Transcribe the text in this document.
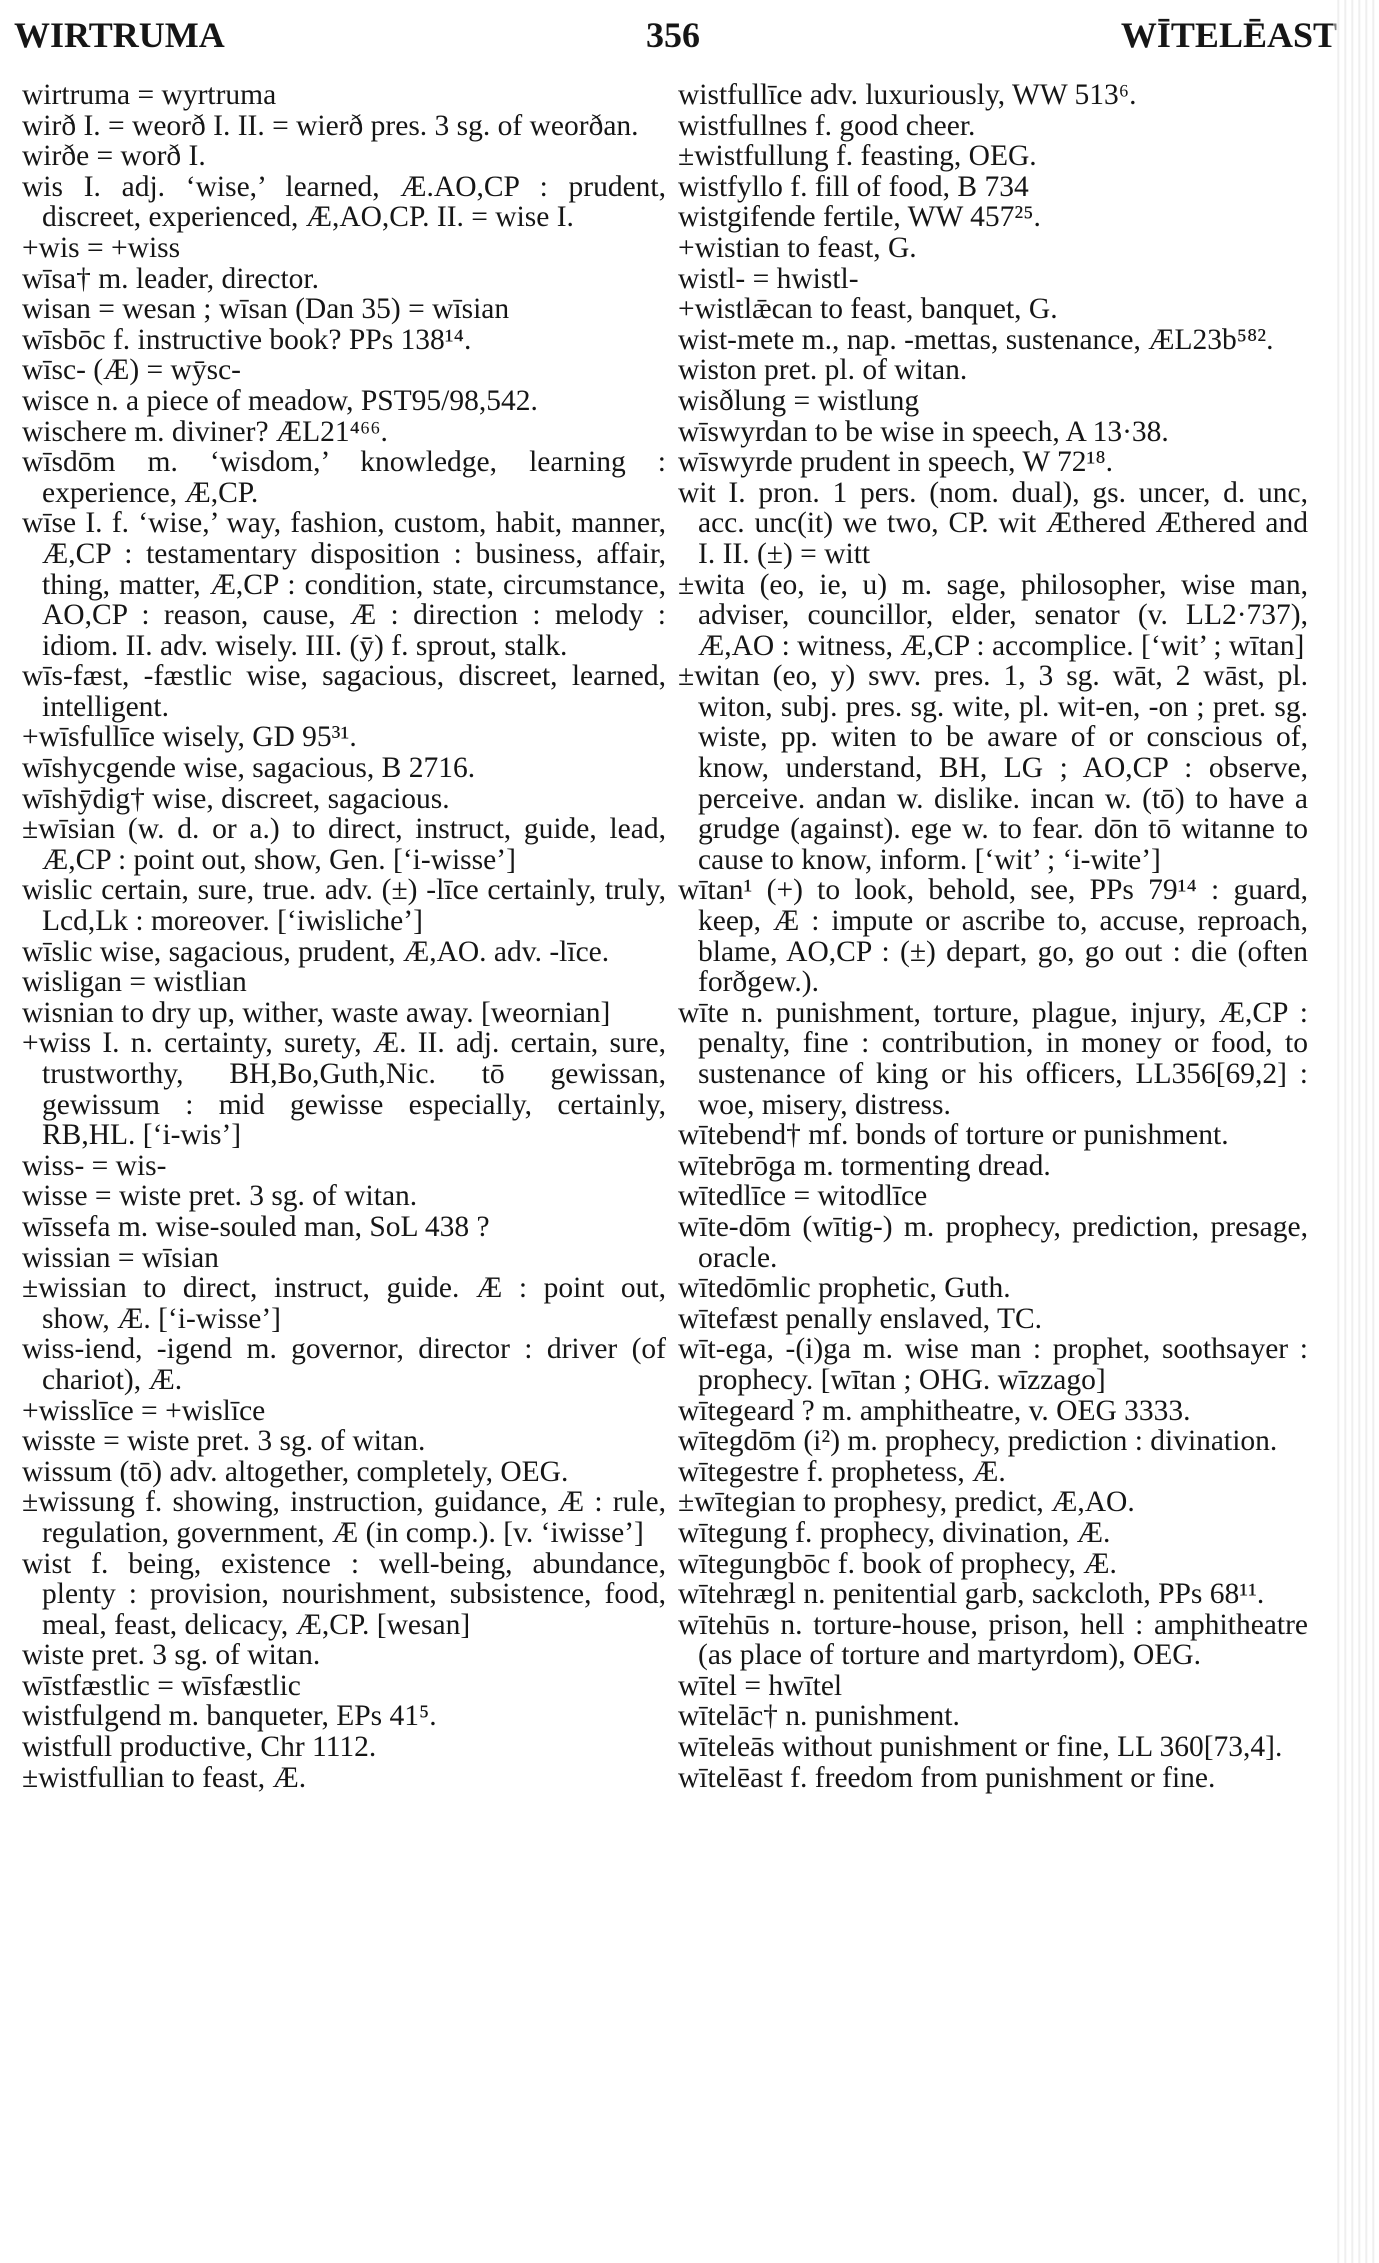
WIRTRUMA	356	WĪTELĒAST
wirtruma = wyrtruma
wirð I. = weorð I. II. = wierð pres. 3 sg. of weorðan.
wirðe = worð I.
wis I. adj. ‘wise,’ learned, Æ.AO,CP : prudent, discreet, experienced, Æ,AO,CP. II. = wise I.
+wis = +wiss
wīsa† m. leader, director.
wisan = wesan ; wīsan (Dan 35) = wīsian
wīsbōc f. instructive book? PPs 138¹⁴.
wīsc- (Æ) = wȳsc-
wisce n. a piece of meadow, PST95/98,542.
wischere m. diviner? ÆL21⁴⁶⁶.
wīsdōm m. ‘wisdom,’ knowledge, learning : experience, Æ,CP.
wīse I. f. ‘wise,’ way, fashion, custom, habit, manner, Æ,CP : testamentary disposition : business, affair, thing, matter, Æ,CP : condition, state, circumstance, AO,CP : reason, cause, Æ : direction : melody : idiom. II. adv. wisely. III. (ȳ) f. sprout, stalk.
wīs-fæst, -fæstlic wise, sagacious, discreet, learned, intelligent.
+wīsfullīce wisely, GD 95³¹.
wīshycgende wise, sagacious, B 2716.
wīshȳdig† wise, discreet, sagacious.
±wīsian (w. d. or a.) to direct, instruct, guide, lead, Æ,CP : point out, show, Gen. [‘i-wisse’]
wislic certain, sure, true. adv. (±) -līce certainly, truly, Lcd,Lk : moreover. [‘iwisliche’]
wīslic wise, sagacious, prudent, Æ,AO. adv. -līce.
wisligan = wistlian
wisnian to dry up, wither, waste away. [weornian]
+wiss I. n. certainty, surety, Æ. II. adj. certain, sure, trustworthy, BH,Bo,Guth,Nic. tō gewissan, gewissum : mid gewisse especially, certainly, RB,HL. [‘i-wis’]
wiss- = wis-
wisse = wiste pret. 3 sg. of witan.
wīssefa m. wise-souled man, SoL 438 ?
wissian = wīsian
±wissian to direct, instruct, guide. Æ : point out, show, Æ. [‘i-wisse’]
wiss-iend, -igend m. governor, director : driver (of chariot), Æ.
+wisslīce = +wislīce
wisste = wiste pret. 3 sg. of witan.
wissum (tō) adv. altogether, completely, OEG.
±wissung f. showing, instruction, guidance, Æ : rule, regulation, government, Æ (in comp.). [v. ‘iwisse’]
wist f. being, existence : well-being, abundance, plenty : provision, nourishment, subsistence, food, meal, feast, delicacy, Æ,CP. [wesan]
wiste pret. 3 sg. of witan.
wīstfæstlic = wīsfæstlic
wistfulgend m. banqueter, EPs 41⁵.
wistfull productive, Chr 1112.
±wistfullian to feast, Æ.
wistfullīce adv. luxuriously, WW 513⁶.
wistfullnes f. good cheer.
±wistfullung f. feasting, OEG.
wistfyllo f. fill of food, B 734
wistgifende fertile, WW 457²⁵.
+wistian to feast, G.
wistl- = hwistl-
+wistlǣcan to feast, banquet, G.
wist-mete m., nap. -mettas, sustenance, ÆL23b⁵⁸².
wiston pret. pl. of witan.
wisðlung = wistlung
wīswyrdan to be wise in speech, A 13·38.
wīswyrde prudent in speech, W 72¹⁸.
wit I. pron. 1 pers. (nom. dual), gs. uncer, d. unc, acc. unc(it) we two, CP. wit Æthered Æthered and I. II. (±) = witt
±wita (eo, ie, u) m. sage, philosopher, wise man, adviser, councillor, elder, senator (v. LL2·737), Æ,AO : witness, Æ,CP : accomplice. [‘wit’ ; wītan]
±witan (eo, y) swv. pres. 1, 3 sg. wāt, 2 wāst, pl. witon, subj. pres. sg. wite, pl. wit-en, -on ; pret. sg. wiste, pp. witen to be aware of or conscious of, know, understand, BH, LG ; AO,CP : observe, perceive. andan w. dislike. incan w. (tō) to have a grudge (against). ege w. to fear. dōn tō witanne to cause to know, inform. [‘wit’ ; ‘i-wite’]
wītan¹ (+) to look, behold, see, PPs 79¹⁴ : guard, keep, Æ : impute or ascribe to, accuse, reproach, blame, AO,CP : (±) depart, go, go out : die (often forðgew.).
wīte n. punishment, torture, plague, injury, Æ,CP : penalty, fine : contribution, in money or food, to sustenance of king or his officers, LL356[69,2] : woe, misery, distress.
wītebend† mf. bonds of torture or punishment.
wītebrōga m. tormenting dread.
wītedlīce = witodlīce
wīte-dōm (wītig-) m. prophecy, prediction, presage, oracle.
wītedōmlic prophetic, Guth.
wītefæst penally enslaved, TC.
wīt-ega, -(i)ga m. wise man : prophet, soothsayer : prophecy. [wītan ; OHG. wīzzago]
wītegeard ? m. amphitheatre, v. OEG 3333.
wītegdōm (i²) m. prophecy, prediction : divination.
wītegestre f. prophetess, Æ.
±wītegian to prophesy, predict, Æ,AO.
wītegung f. prophecy, divination, Æ.
wītegungbōc f. book of prophecy, Æ.
wītehrægl n. penitential garb, sackcloth, PPs 68¹¹.
wītehūs n. torture-house, prison, hell : amphitheatre (as place of torture and martyrdom), OEG.
wītel = hwītel
wītelāc† n. punishment.
wīteleās without punishment or fine, LL 360[73,4].
wītelēast f. freedom from punishment or fine.
